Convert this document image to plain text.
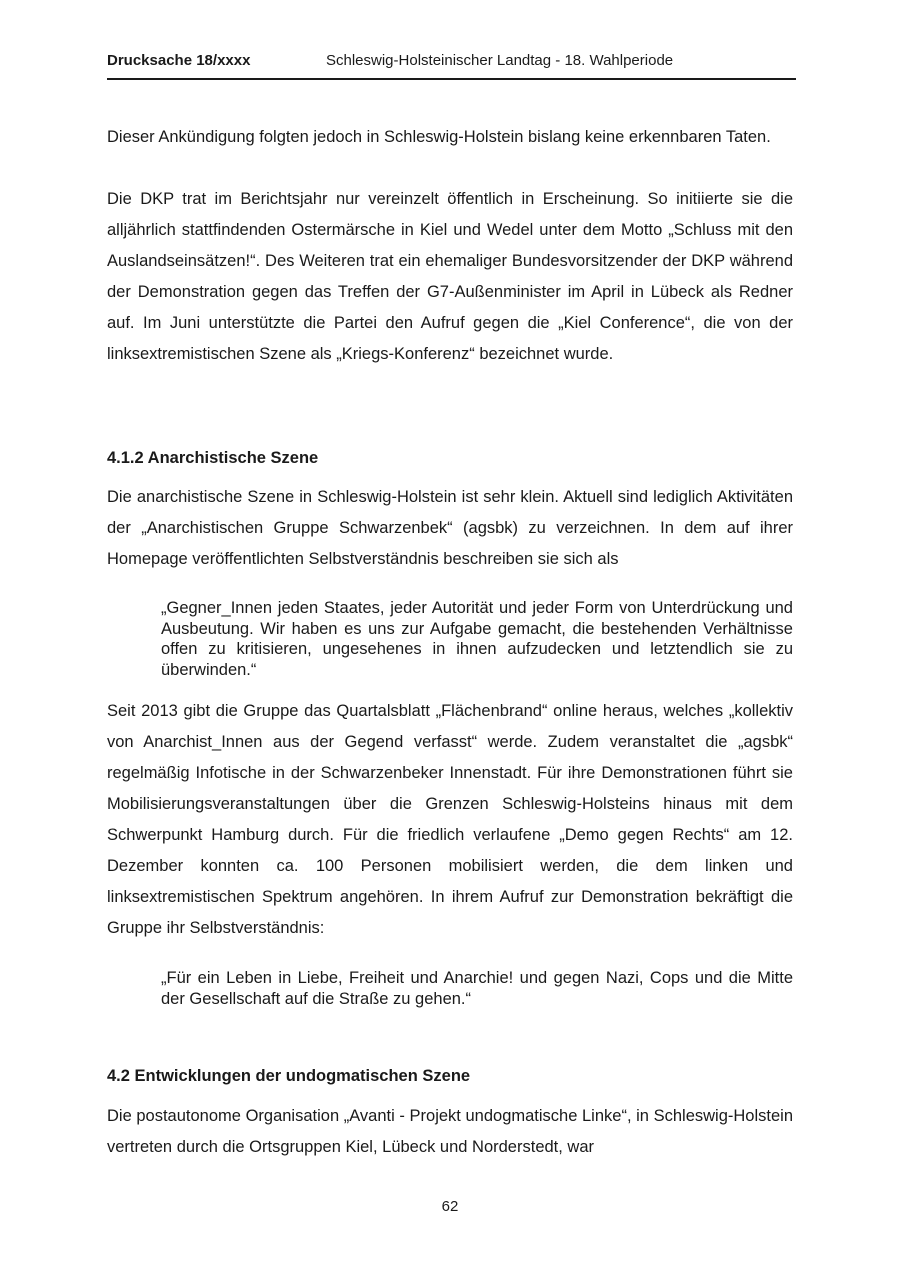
Drucksache 18/xxxx	Schleswig-Holsteinischer Landtag - 18. Wahlperiode

Dieser Ankündigung folgten jedoch in Schleswig-Holstein bislang keine erkennbaren Taten.

Die DKP trat im Berichtsjahr nur vereinzelt öffentlich in Erscheinung. So initiierte sie die alljährlich stattfindenden Ostermärsche in Kiel und Wedel unter dem Motto „Schluss mit den Auslandseinsätzen!“. Des Weiteren trat ein ehemaliger Bundesvorsitzender der DKP während der Demonstration gegen das Treffen der G7-Außenminister im April in Lübeck als Redner auf. Im Juni unterstützte die Partei den Aufruf gegen die „Kiel Conference“, die von der linksextremistischen Szene als „Kriegs-Konferenz“ bezeichnet wurde.

4.1.2 Anarchistische Szene

Die anarchistische Szene in Schleswig-Holstein ist sehr klein. Aktuell sind lediglich Aktivitäten der „Anarchistischen Gruppe Schwarzenbek“ (agsbk) zu verzeichnen. In dem auf ihrer Homepage veröffentlichten Selbstverständnis beschreiben sie sich als

„Gegner_Innen jeden Staates, jeder Autorität und jeder Form von Unterdrückung und Ausbeutung. Wir haben es uns zur Aufgabe gemacht, die bestehenden Verhältnisse offen zu kritisieren, ungesehenes in ihnen aufzudecken und letztendlich sie zu überwinden.“

Seit 2013 gibt die Gruppe das Quartalsblatt „Flächenbrand“ online heraus, welches „kollektiv von Anarchist_Innen aus der Gegend verfasst“ werde. Zudem veranstaltet die „agsbk“ regelmäßig Infotische in der Schwarzenbeker Innenstadt. Für ihre Demonstrationen führt sie Mobilisierungsveranstaltungen über die Grenzen Schleswig-Holsteins hinaus mit dem Schwerpunkt Hamburg durch. Für die friedlich verlaufene „Demo gegen Rechts“ am 12. Dezember konnten ca. 100 Personen mobilisiert werden, die dem linken und linksextremistischen Spektrum angehören. In ihrem Aufruf zur Demonstration bekräftigt die Gruppe ihr Selbstverständnis:

„Für ein Leben in Liebe, Freiheit und Anarchie! und gegen Nazi, Cops und die Mitte der Gesellschaft auf die Straße zu gehen.“

4.2 Entwicklungen der undogmatischen Szene

Die postautonome Organisation „Avanti - Projekt undogmatische Linke“, in Schleswig-Holstein vertreten durch die Ortsgruppen Kiel, Lübeck und Norderstedt, war

62
